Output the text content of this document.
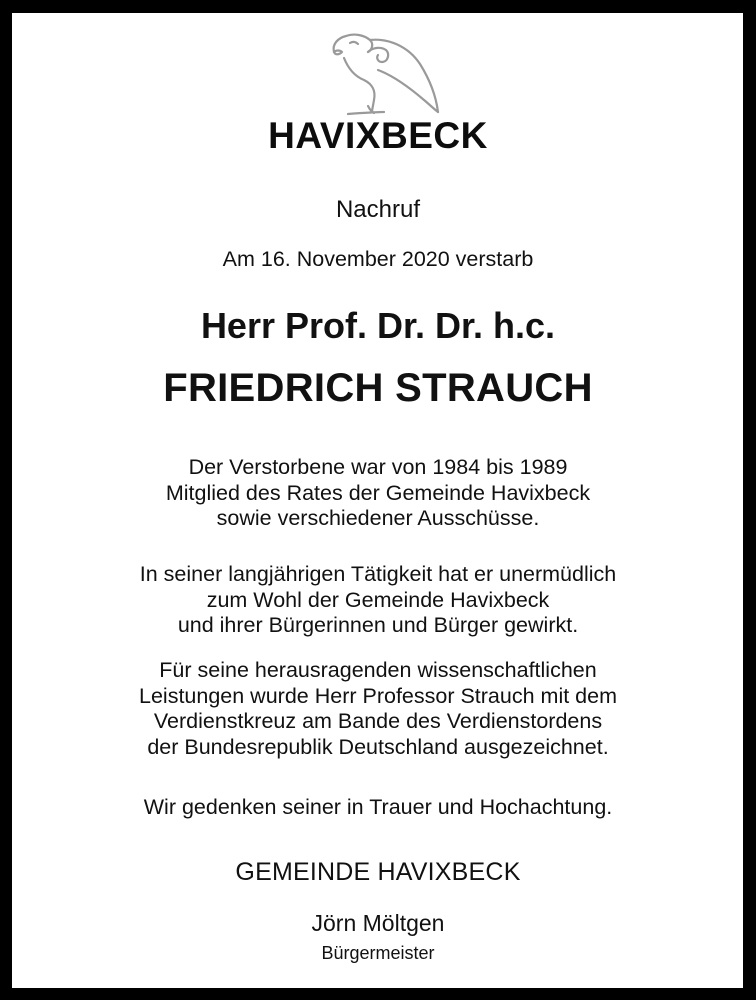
HAVIXBECK
Nachruf
Am 16. November 2020 verstarb
Herr Prof. Dr. Dr. h.c.
FRIEDRICH STRAUCH
Der Verstorbene war von 1984 bis 1989
Mitglied des Rates der Gemeinde Havixbeck
sowie verschiedener Ausschüsse.
In seiner langjährigen Tätigkeit hat er unermüdlich
zum Wohl der Gemeinde Havixbeck
und ihrer Bürgerinnen und Bürger gewirkt.
Für seine herausragenden wissenschaftlichen
Leistungen wurde Herr Professor Strauch mit dem
Verdienstkreuz am Bande des Verdienstordens
der Bundesrepublik Deutschland ausgezeichnet.
Wir gedenken seiner in Trauer und Hochachtung.
GEMEINDE HAVIXBECK
Jörn Möltgen
Bürgermeister
